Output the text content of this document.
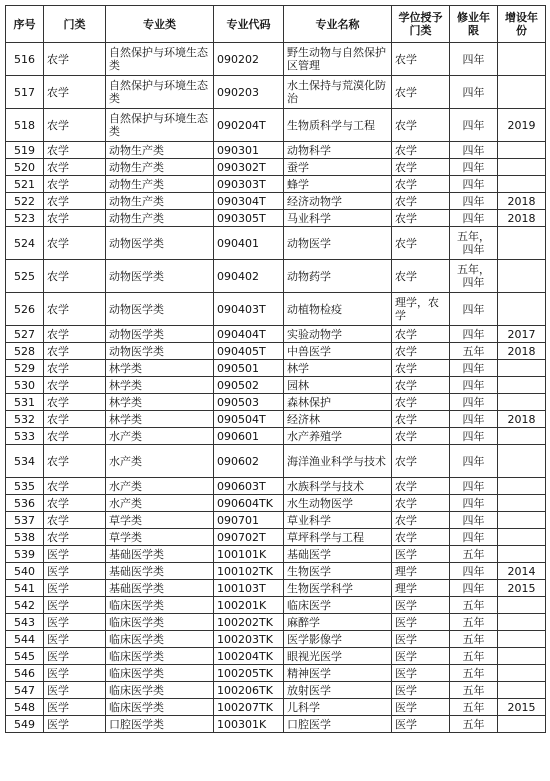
序号	门类	专业类	专业代码	专业名称	学位授予门类	修业年限	增设年份
516	农学	自然保护与环境生态类	090202	野生动物与自然保护区管理	农学	四年	
517	农学	自然保护与环境生态类	090203	水土保持与荒漠化防治	农学	四年	
518	农学	自然保护与环境生态类	090204T	生物质科学与工程	农学	四年	2019
519	农学	动物生产类	090301	动物科学	农学	四年	
520	农学	动物生产类	090302T	蚕学	农学	四年	
521	农学	动物生产类	090303T	蜂学	农学	四年	
522	农学	动物生产类	090304T	经济动物学	农学	四年	2018
523	农学	动物生产类	090305T	马业科学	农学	四年	2018
524	农学	动物医学类	090401	动物医学	农学	五年，四年	
525	农学	动物医学类	090402	动物药学	农学	五年，四年	
526	农学	动物医学类	090403T	动植物检疫	理学，农学	四年	
527	农学	动物医学类	090404T	实验动物学	农学	四年	2017
528	农学	动物医学类	090405T	中兽医学	农学	五年	2018
529	农学	林学类	090501	林学	农学	四年	
530	农学	林学类	090502	园林	农学	四年	
531	农学	林学类	090503	森林保护	农学	四年	
532	农学	林学类	090504T	经济林	农学	四年	2018
533	农学	水产类	090601	水产养殖学	农学	四年	
534	农学	水产类	090602	海洋渔业科学与技术	农学	四年	
535	农学	水产类	090603T	水族科学与技术	农学	四年	
536	农学	水产类	090604TK	水生动物医学	农学	四年	
537	农学	草学类	090701	草业科学	农学	四年	
538	农学	草学类	090702T	草坪科学与工程	农学	四年	
539	医学	基础医学类	100101K	基础医学	医学	五年	
540	医学	基础医学类	100102TK	生物医学	理学	四年	2014
541	医学	基础医学类	100103T	生物医学科学	理学	四年	2015
542	医学	临床医学类	100201K	临床医学	医学	五年	
543	医学	临床医学类	100202TK	麻醉学	医学	五年	
544	医学	临床医学类	100203TK	医学影像学	医学	五年	
545	医学	临床医学类	100204TK	眼视光医学	医学	五年	
546	医学	临床医学类	100205TK	精神医学	医学	五年	
547	医学	临床医学类	100206TK	放射医学	医学	五年	
548	医学	临床医学类	100207TK	儿科学	医学	五年	2015
549	医学	口腔医学类	100301K	口腔医学	医学	五年	
